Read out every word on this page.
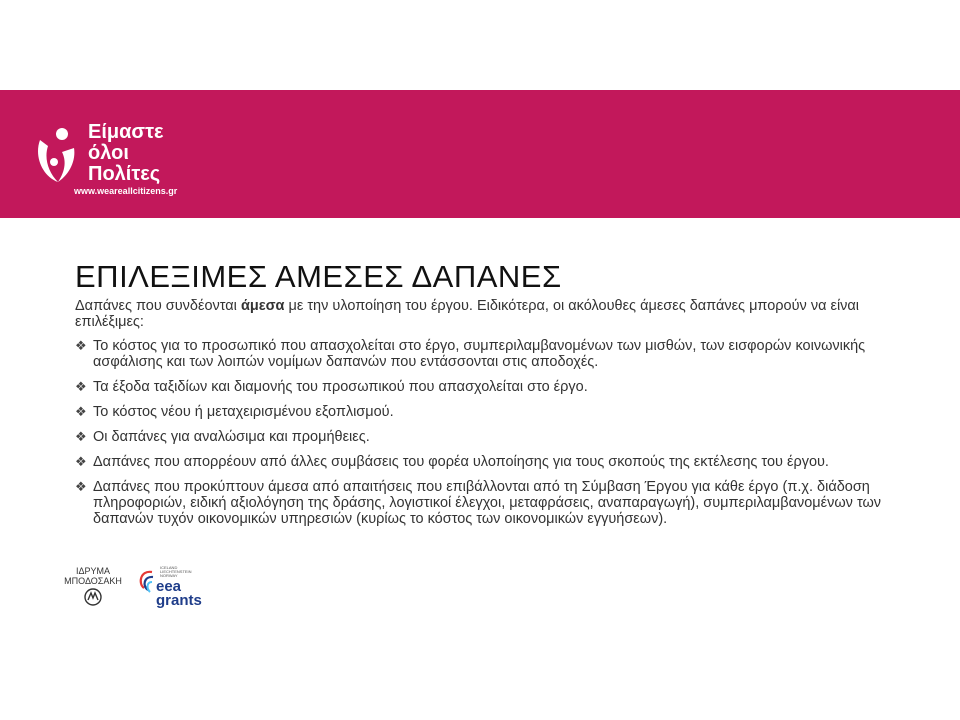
Είμαστε
όλοι
Πολίτες
www.weareallcitizens.gr
ΕΠΙΛΕΞΙΜΕΣ ΑΜΕΣΕΣ ΔΑΠΑΝΕΣ
Δαπάνες που συνδέονται άμεσα με την υλοποίηση του έργου. Ειδικότερα, οι ακόλουθες άμεσες δαπάνες μπορούν να είναι επιλέξιμες:
❖ Το κόστος για το προσωπικό που απασχολείται στο έργο, συμπεριλαμβανομένων των μισθών, των εισφορών κοινωνικής ασφάλισης και των λοιπών νομίμων δαπανών που εντάσσονται στις αποδοχές.
❖ Τα έξοδα ταξιδίων και διαμονής του προσωπικού που απασχολείται στο έργο.
❖ Το κόστος νέου ή μεταχειρισμένου εξοπλισμού.
❖ Οι δαπάνες για αναλώσιμα και προμήθειες.
❖ Δαπάνες που απορρέουν από άλλες συμβάσεις του φορέα υλοποίησης για τους σκοπούς της εκτέλεσης του έργου.
❖ Δαπάνες που προκύπτουν άμεσα από απαιτήσεις που επιβάλλονται από τη Σύμβαση Έργου για κάθε έργο (π.χ. διάδοση πληροφοριών, ειδική αξιολόγηση της δράσης, λογιστικοί έλεγχοι, μεταφράσεις, αναπαραγωγή), συμπεριλαμβανομένων των δαπανών τυχόν οικονομικών υπηρεσιών (κυρίως το κόστος των οικονομικών εγγυήσεων).
ΙΔΡΥΜΑ
ΜΠΟΔΟΣΑΚΗ
ICELAND
LIECHTENSTEIN
NORWAY
eea
grants
